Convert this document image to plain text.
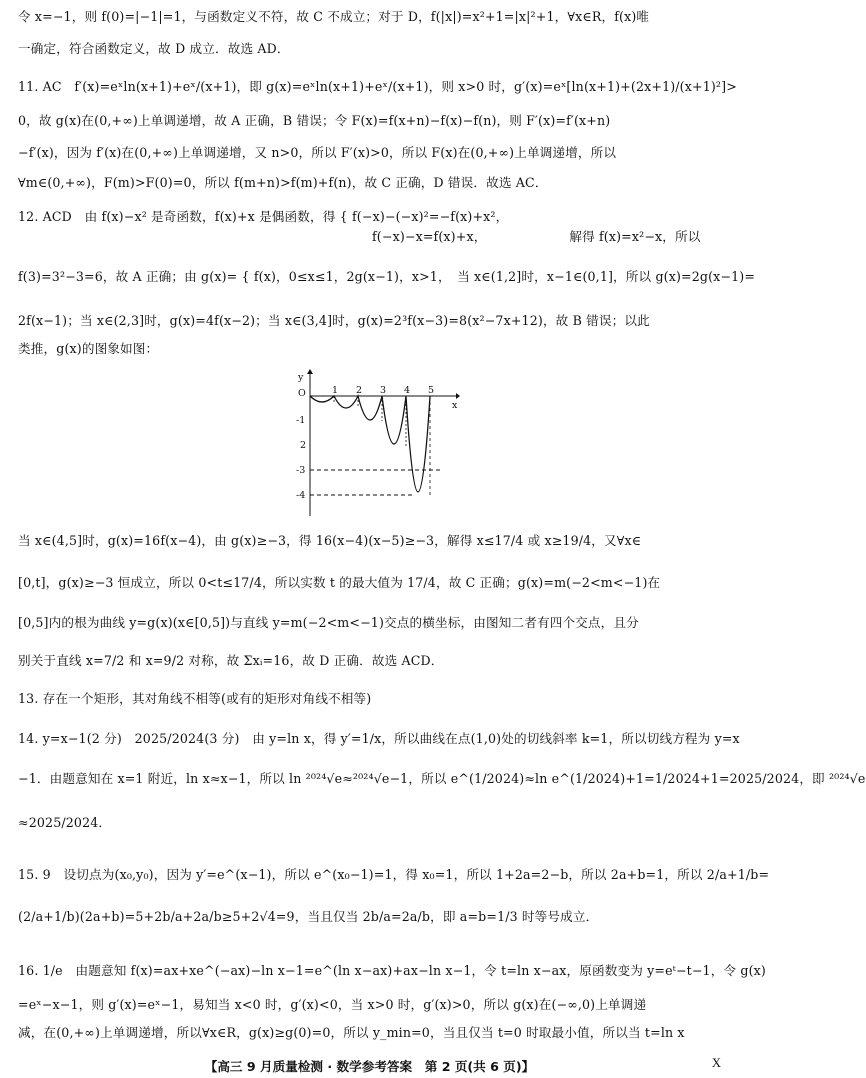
令 x=−1，则 f(0)=|−1|=1，与函数定义不符，故 C 不成立；对于 D，f(|x|)=x²+1=|x|²+1，∀x∈R，f(x)唯
一确定，符合函数定义，故 D 成立．故选 AD．
11. AC　f′(x)=eˣln(x+1)+eˣ/(x+1)，即 g(x)=eˣln(x+1)+eˣ/(x+1)，则 x>0 时，g′(x)=eˣ[ln(x+1)+(2x+1)/(x+1)²]>
0，故 g(x)在(0,+∞)上单调递增，故 A 正确，B 错误；令 F(x)=f(x+n)−f(x)−f(n)，则 F′(x)=f′(x+n)
−f′(x)，因为 f′(x)在(0,+∞)上单调递增，又 n>0，所以 F′(x)>0，所以 F(x)在(0,+∞)上单调递增，所以
∀m∈(0,+∞)，F(m)>F(0)=0，所以 f(m+n)>f(m)+f(n)，故 C 正确，D 错误．故选 AC．
12. ACD　由 f(x)−x² 是奇函数，f(x)+x 是偶函数，得 { f(−x)−(−x)²=−f(x)+x²，
f(−x)−x=f(x)+x，　　　　　　　解得 f(x)=x²−x，所以
f(3)=3²−3=6，故 A 正确；由 g(x)= { f(x)，0≤x≤1，2g(x−1)，x>1，　当 x∈(1,2]时，x−1∈(0,1]，所以 g(x)=2g(x−1)=
2f(x−1)；当 x∈(2,3]时，g(x)=4f(x−2)；当 x∈(3,4]时，g(x)=2³f(x−3)=8(x²−7x+12)，故 B 错误；以此
类推，g(x)的图象如图：
y
O
x
1 2 3 4 5
-1
2
-3
-4
当 x∈(4,5]时，g(x)=16f(x−4)，由 g(x)≥−3，得 16(x−4)(x−5)≥−3，解得 x≤17/4 或 x≥19/4，又∀x∈
[0,t]，g(x)≥−3 恒成立，所以 0<t≤17/4，所以实数 t 的最大值为 17/4，故 C 正确；g(x)=m(−2<m<−1)在
[0,5]内的根为曲线 y=g(x)(x∈[0,5])与直线 y=m(−2<m<−1)交点的横坐标，由图知二者有四个交点，且分
别关于直线 x=7/2 和 x=9/2 对称，故 Σxᵢ=16，故 D 正确．故选 ACD．
13. 存在一个矩形，其对角线不相等(或有的矩形对角线不相等)
14. y=x−1(2 分)　2025/2024(3 分)　由 y=ln x，得 y′=1/x，所以曲线在点(1,0)处的切线斜率 k=1，所以切线方程为 y=x
−1．由题意知在 x=1 附近，ln x≈x−1，所以 ln ²⁰²⁴√e≈²⁰²⁴√e−1，所以 e^(1/2024)≈ln e^(1/2024)+1=1/2024+1=2025/2024，即 ²⁰²⁴√e
≈2025/2024．
15. 9　设切点为(x₀,y₀)，因为 y′=e^(x−1)，所以 e^(x₀−1)=1，得 x₀=1，所以 1+2a=2−b，所以 2a+b=1，所以 2/a+1/b=
(2/a+1/b)(2a+b)=5+2b/a+2a/b≥5+2√4=9，当且仅当 2b/a=2a/b，即 a=b=1/3 时等号成立．
16. 1/e　由题意知 f(x)=ax+xe^(−ax)−ln x−1=e^(ln x−ax)+ax−ln x−1，令 t=ln x−ax，原函数变为 y=eᵗ−t−1，令 g(x)
=eˣ−x−1，则 g′(x)=eˣ−1，易知当 x<0 时，g′(x)<0，当 x>0 时，g′(x)>0，所以 g(x)在(−∞,0)上单调递
减，在(0,+∞)上单调递增，所以∀x∈R，g(x)≥g(0)=0，所以 y_min=0，当且仅当 t=0 时取最小值，所以当 t=ln x
【高三 9 月质量检测 · 数学参考答案　第 2 页(共 6 页)】	X
